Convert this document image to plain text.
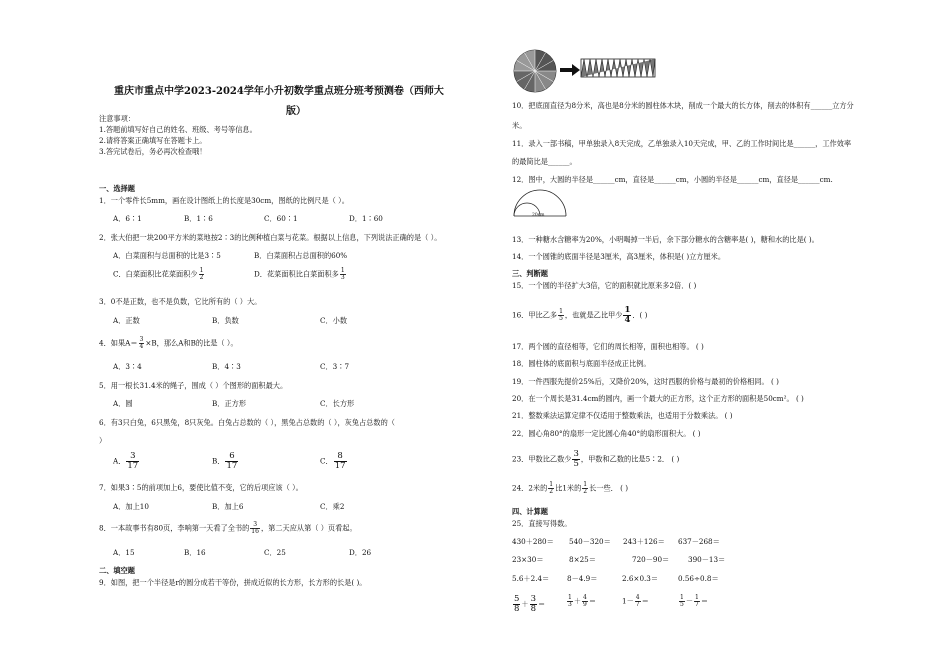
重庆市重点中学2023-2024学年小升初数学重点班分班考预测卷（西师大
版）
注意事项：
1.答题前填写好自己的姓名、班级、考号等信息。
2.请将答案正确填写在答题卡上。
3.答完试卷后，务必再次检查哦！
一、选择题
1．一个零件长5mm，画在设计图纸上的长度是30cm，图纸的比例尺是（ ）。
A．6∶1	B．1∶6	C．60∶1	D．1∶60
2．张大伯把一块200平方米的菜地按2∶3的比例种植白菜与花菜。根据以上信息，下列说法正确的是（ ）。
A．白菜面积与总面积的比是3∶5	B．白菜面积占总面积的60%
C．白菜面积比花菜面积少 $\frac{1}{2}$	D．花菜面积比白菜面积多 $\frac{1}{3}$
3．0不是正数，也不是负数，它比所有的（ ）大。
A．正数	B．负数	C．小数
4．如果$A= \frac{3}{4} \times B$，那么A和B的比是（ ）。
A．3∶4	B．4∶3	C．3∶7
5．用一根长31.4米的绳子，围成（ ）个图形的面积最大。
A．圆	B．正方形	C．长方形
6．有3只白兔，6只黑兔，8只灰兔。白兔占总数的（ ），黑兔占总数的（ ），灰兔占总数的（
）
A． $\frac{3}{17}$	B． $\frac{6}{17}$	C． $\frac{8}{17}$
7．如果3∶5的前项加上6，要使比值不变，它的后项应该（ ）。
A．加上10	B．加上6	C．乘2
8．一本故事书有80页，李响第一天看了全书的 $\frac{3}{16}$ ，第二天应从第（ ）页看起。
A．15	B．16	C．25	D．26
二、填空题
9．如图，把一个半径是r的圆分成若干等份，拼成近似的长方形，长方形的长是( )。
10．把底面直径为8分米，高也是8分米的圆柱体木块，削成一个最大的长方体，削去的体积有______立方分
米。
11．录入一部书稿，甲单独录入8天完成，乙单独录入10天完成，甲、乙的工作时间比是______，工作效率
的最简比是______。
12．图中，大圆的半径是______cm，直径是______cm，小圆的半径是______cm，直径是______cm.
20cm
13．一种糖水含糖率为20%，小明喝掉一半后，余下部分糖水的含糖率是( )，糖和水的比是( )。
14．一个圆锥的底面半径是3厘米，高3厘米，体积是( )立方厘米。
三、判断题
15．一个圆的半径扩大3倍，它的面积就比原来多2倍．( )
16．甲比乙多 $\frac{1}{5}$ ，也就是乙比甲少 $\frac{1}{4}$ ．( )
17．两个圆的直径相等，它们的周长相等，面积也相等。 ( )
18．圆柱体的底面积与底面半径成正比例。
19．一件西服先提价25%后，又降价20%，这时西服的价格与最初的价格相同。 ( )
20．在一个周长是31.4cm的圆内，画一个最大的正方形，这个正方形的面积是50cm²。 ( )
21．整数乘法运算定律不仅适用于整数乘法，也适用于分数乘法。 ( )
22．圆心角80°的扇形一定比圆心角40°的扇形面积大。 ( )
23．甲数比乙数少 $\frac{3}{5}$ ，甲数和乙数的比是5∶2． ( )
24．2米的 $\frac{1}{2}$ 比1米的 $\frac{1}{2}$ 长一些． ( )
四、计算题
25．直接写得数。
430＋280＝ 540－320＝ 243＋126＝ 637－268＝
23×30＝	8×25＝	720－90＝	390－13＝
5.6＋2.4＝ 8－4.9＝	2.6×0.3＝	0.56÷0.8＝
$\frac{5}{8} + \frac{3}{8}$ ＝	$\frac{1}{3} + \frac{4}{9}$ ＝	$1- \frac{4}{7}$ ＝	$\frac{1}{5} - \frac{1}{7}$ ＝
